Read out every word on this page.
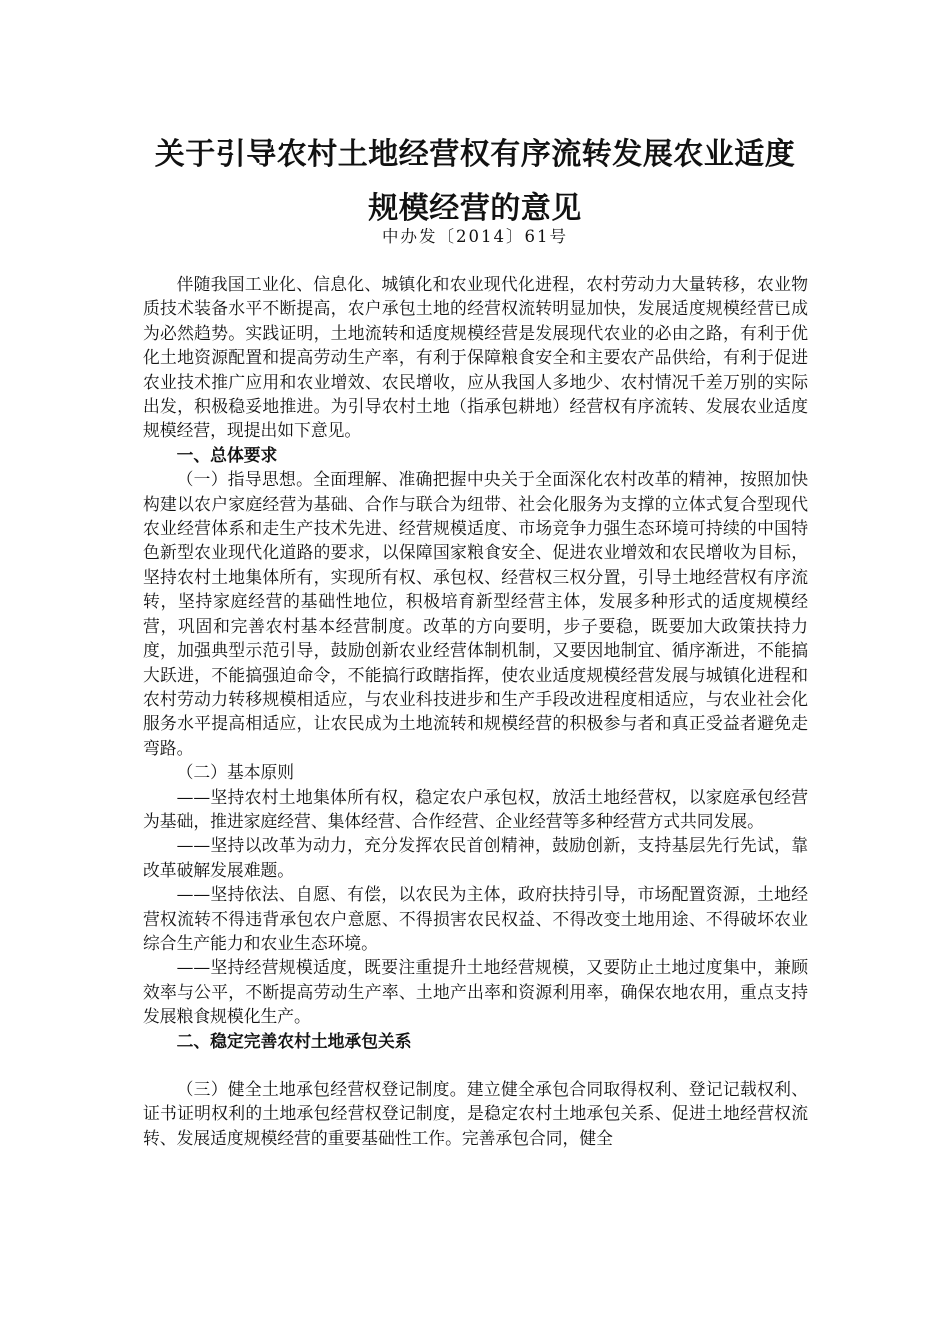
关于引导农村土地经营权有序流转发展农业适度规模经营的意见
中办发〔2014〕61号

伴随我国工业化、信息化、城镇化和农业现代化进程，农村劳动力大量转移，农业物质技术装备水平不断提高，农户承包土地的经营权流转明显加快，发展适度规模经营已成为必然趋势。实践证明，土地流转和适度规模经营是发展现代农业的必由之路，有利于优化土地资源配置和提高劳动生产率，有利于保障粮食安全和主要农产品供给，有利于促进农业技术推广应用和农业增效、农民增收，应从我国人多地少、农村情况千差万别的实际出发，积极稳妥地推进。为引导农村土地（指承包耕地）经营权有序流转、发展农业适度规模经营，现提出如下意见。

一、总体要求

（一）指导思想。全面理解、准确把握中央关于全面深化农村改革的精神，按照加快构建以农户家庭经营为基础、合作与联合为纽带、社会化服务为支撑的立体式复合型现代农业经营体系和走生产技术先进、经营规模适度、市场竞争力强生态环境可持续的中国特色新型农业现代化道路的要求，以保障国家粮食安全、促进农业增效和农民增收为目标，坚持农村土地集体所有，实现所有权、承包权、经营权三权分置，引导土地经营权有序流转，坚持家庭经营的基础性地位，积极培育新型经营主体，发展多种形式的适度规模经营，巩固和完善农村基本经营制度。改革的方向要明，步子要稳，既要加大政策扶持力度，加强典型示范引导，鼓励创新农业经营体制机制，又要因地制宜、循序渐进，不能搞大跃进，不能搞强迫命令，不能搞行政瞎指挥，使农业适度规模经营发展与城镇化进程和农村劳动力转移规模相适应，与农业科技进步和生产手段改进程度相适应，与农业社会化服务水平提高相适应，让农民成为土地流转和规模经营的积极参与者和真正受益者避免走弯路。

（二）基本原则

——坚持农村土地集体所有权，稳定农户承包权，放活土地经营权，以家庭承包经营为基础，推进家庭经营、集体经营、合作经营、企业经营等多种经营方式共同发展。

——坚持以改革为动力，充分发挥农民首创精神，鼓励创新，支持基层先行先试，靠改革破解发展难题。

——坚持依法、自愿、有偿，以农民为主体，政府扶持引导，市场配置资源，土地经营权流转不得违背承包农户意愿、不得损害农民权益、不得改变土地用途、不得破坏农业综合生产能力和农业生态环境。

——坚持经营规模适度，既要注重提升土地经营规模，又要防止土地过度集中，兼顾效率与公平，不断提高劳动生产率、土地产出率和资源利用率，确保农地农用，重点支持发展粮食规模化生产。

二、稳定完善农村土地承包关系

（三）健全土地承包经营权登记制度。建立健全承包合同取得权利、登记记载权利、证书证明权利的土地承包经营权登记制度，是稳定农村土地承包关系、促进土地经营权流转、发展适度规模经营的重要基础性工作。完善承包合同，健全
